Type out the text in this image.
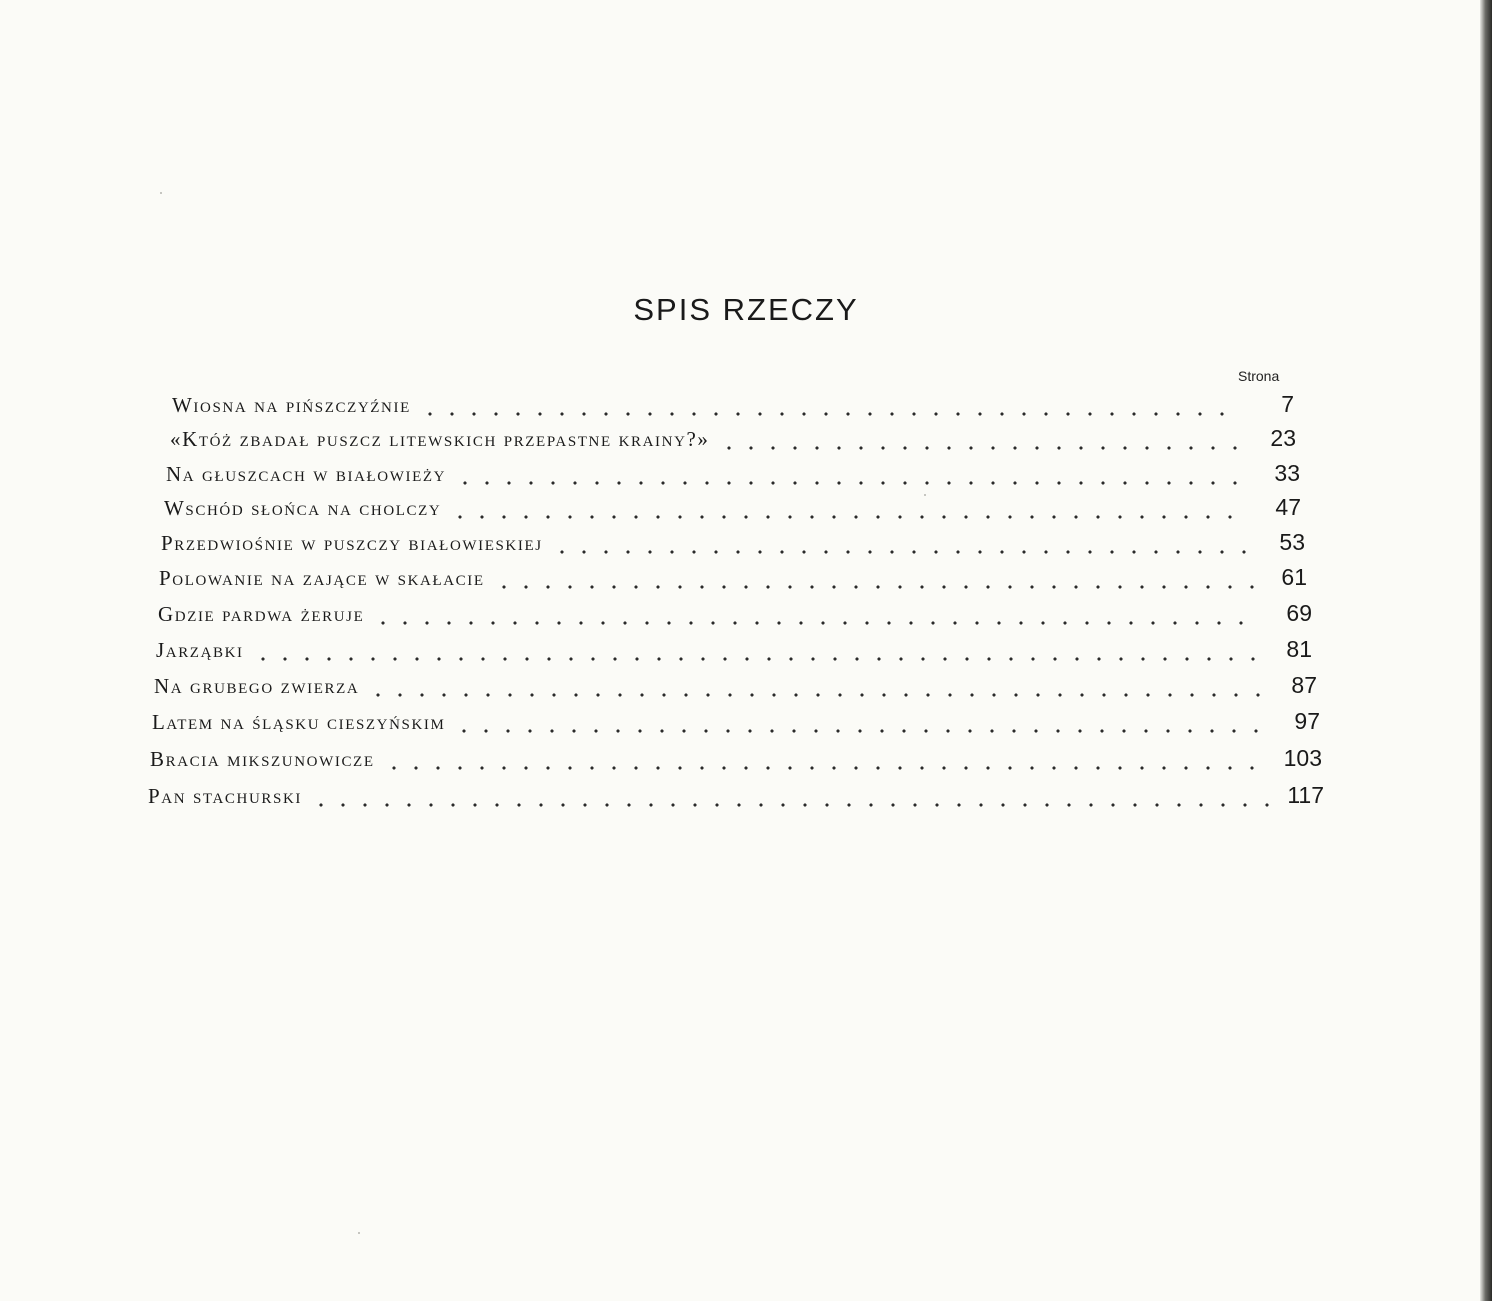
SPIS RZECZY
Strona
Wiosna na pińszczyźnie	7
«Któż zbadał puszcz litewskich przepastne krainy?»	23
Na głuszcach w białowieży	33
Wschód słońca na cholczy	47
Przedwiośnie w puszczy białowieskiej	53
Polowanie na zające w skałacie	61
Gdzie pardwa żeruje	69
Jarząbki	81
Na grubego zwierza	87
Latem na śląsku cieszyńskim	97
Bracia mikszunowicze	103
Pan stachurski	117
